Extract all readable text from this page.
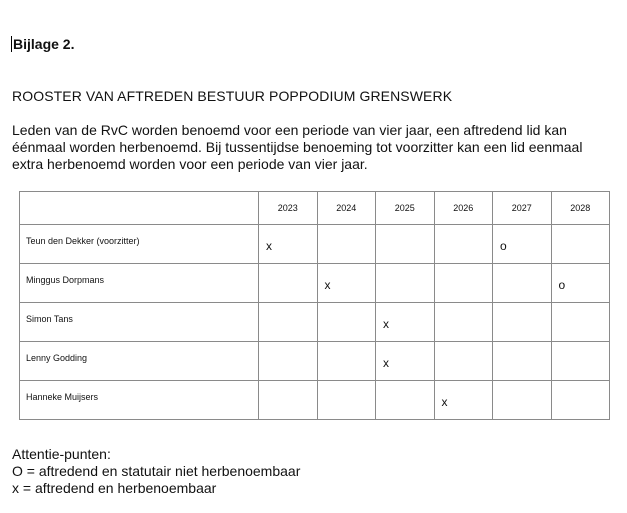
Bijlage 2.

ROOSTER VAN AFTREDEN BESTUUR POPPODIUM GRENSWERK

Leden van de RvC worden benoemd voor een periode van vier jaar, een aftredend lid kan
éénmaal worden herbenoemd. Bij tussentijdse benoeming tot voorzitter kan een lid eenmaal
extra herbenoemd worden voor een periode van vier jaar.

	2023	2024	2025	2026	2027	2028
Teun den Dekker (voorzitter)	x				o	
Minggus Dorpmans		x				o
Simon Tans			x			
Lenny Godding			x			
Hanneke Muijsers				x		

Attentie-punten:
O = aftredend en statutair niet herbenoembaar
x = aftredend en herbenoembaar
